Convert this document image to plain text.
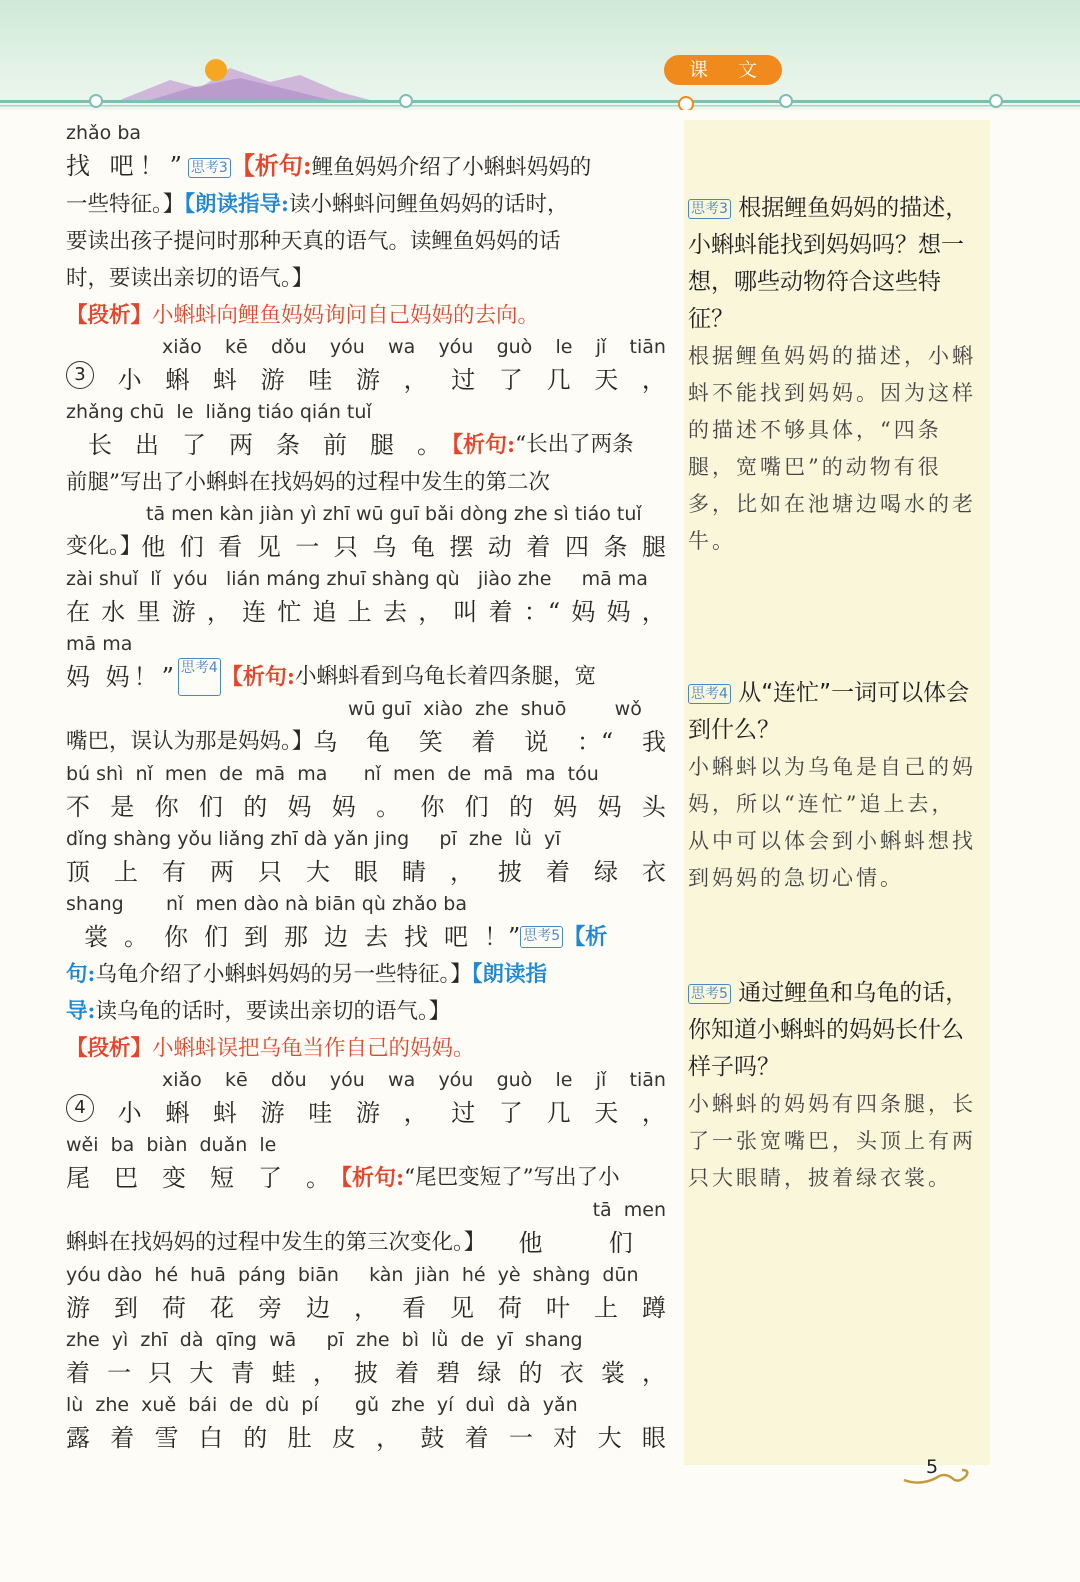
课 文
zhǎo ba
找 吧！” 思考3 【析句:鲤鱼妈妈介绍了小蝌蚪妈妈的
一些特征。】【朗读指导:读小蝌蚪问鲤鱼妈妈的话时，
要读出孩子提问时那种天真的语气。读鲤鱼妈妈的话
时，要读出亲切的语气。】
【段析】小蝌蚪向鲤鱼妈妈询问自己妈妈的去向。
xiǎo kē dǒu yóu wa yóu guò le jǐ tiān
3	小 蝌 蚪 游 哇 游 ， 过 了 几 天 ，
zhǎng chū  le  liǎng tiáo qián tuǐ
长 出 了 两 条 前 腿 。 【析句: “长出了两条
前腿”写出了小蝌蚪在找妈妈的过程中发生的第二次
tā men kàn jiàn yì zhī wū guī bǎi dòng zhe sì tiáo tuǐ
变化。】 他 们 看 见 一 只 乌 龟 摆 动 着 四 条 腿
zài shuǐ  lǐ  yóu   lián máng zhuī shàng qù   jiào zhe     mā ma
在 水 里 游 ， 连 忙 追 上 去 ， 叫 着 ：“ 妈 妈 ，
mā ma
妈 妈！” 思考4 【析句: 小蝌蚪看到乌龟长着四条腿，宽
wū guī  xiào  zhe  shuō        wǒ
嘴巴，误认为那是妈妈。】 乌 龟 笑 着 说 ：“ 我
bú shì  nǐ  men  de  mā  ma      nǐ  men  de  mā  ma  tóu
不 是 你 们 的 妈 妈 。 你 们 的 妈 妈 头
dǐng shàng yǒu liǎng zhī dà yǎn jing     pī  zhe  lǜ  yī
顶 上 有 两 只 大 眼 睛 ， 披 着 绿 衣
shang       nǐ  men dào nà biān qù zhǎo ba
裳 。 你 们 到 那 边 去 找 吧 ！” 思考5 【析
句:乌龟介绍了小蝌蚪妈妈的另一些特征。】【朗读指
导:读乌龟的话时，要读出亲切的语气。】
【段析】小蝌蚪误把乌龟当作自己的妈妈。
xiǎo kē dǒu yóu wa yóu guò le jǐ tiān
4	小 蝌 蚪 游 哇 游 ， 过 了 几 天 ，
wěi  ba  biàn  duǎn  le
尾 巴 变 短 了 。 【析句: “尾巴变短了”写出了小
tā  men
蝌蚪在找妈妈的过程中发生的第三次变化。】 他	们
yóu dào  hé  huā  páng  biān     kàn  jiàn  hé  yè  shàng  dūn
游 到 荷 花 旁 边 ， 看 见 荷 叶 上 蹲
zhe  yì  zhī  dà  qīng  wā     pī  zhe  bì  lǜ  de  yī  shang
着 一 只 大 青 蛙 ， 披 着 碧 绿 的 衣 裳 ，
lù  zhe  xuě  bái  de  dù  pí      gǔ  zhe  yí  duì  dà  yǎn
露 着 雪 白 的 肚 皮 ， 鼓 着 一 对 大 眼
思考3 根据鲤鱼妈妈的描述，小蝌蚪能找到妈妈吗？想一想，哪些动物符合这些特征？
根据鲤鱼妈妈的描述，小蝌蚪不能找到妈妈。因为这样的描述不够具体，“四条腿，宽嘴巴”的动物有很多，比如在池塘边喝水的老牛。
思考4 从“连忙”一词可以体会到什么？
小蝌蚪以为乌龟是自己的妈妈，所以“连忙”追上去，从中可以体会到小蝌蚪想找到妈妈的急切心情。
思考5 通过鲤鱼和乌龟的话，你知道小蝌蚪的妈妈长什么样子吗？
小蝌蚪的妈妈有四条腿，长了一张宽嘴巴，头顶上有两只大眼睛，披着绿衣裳。
5
